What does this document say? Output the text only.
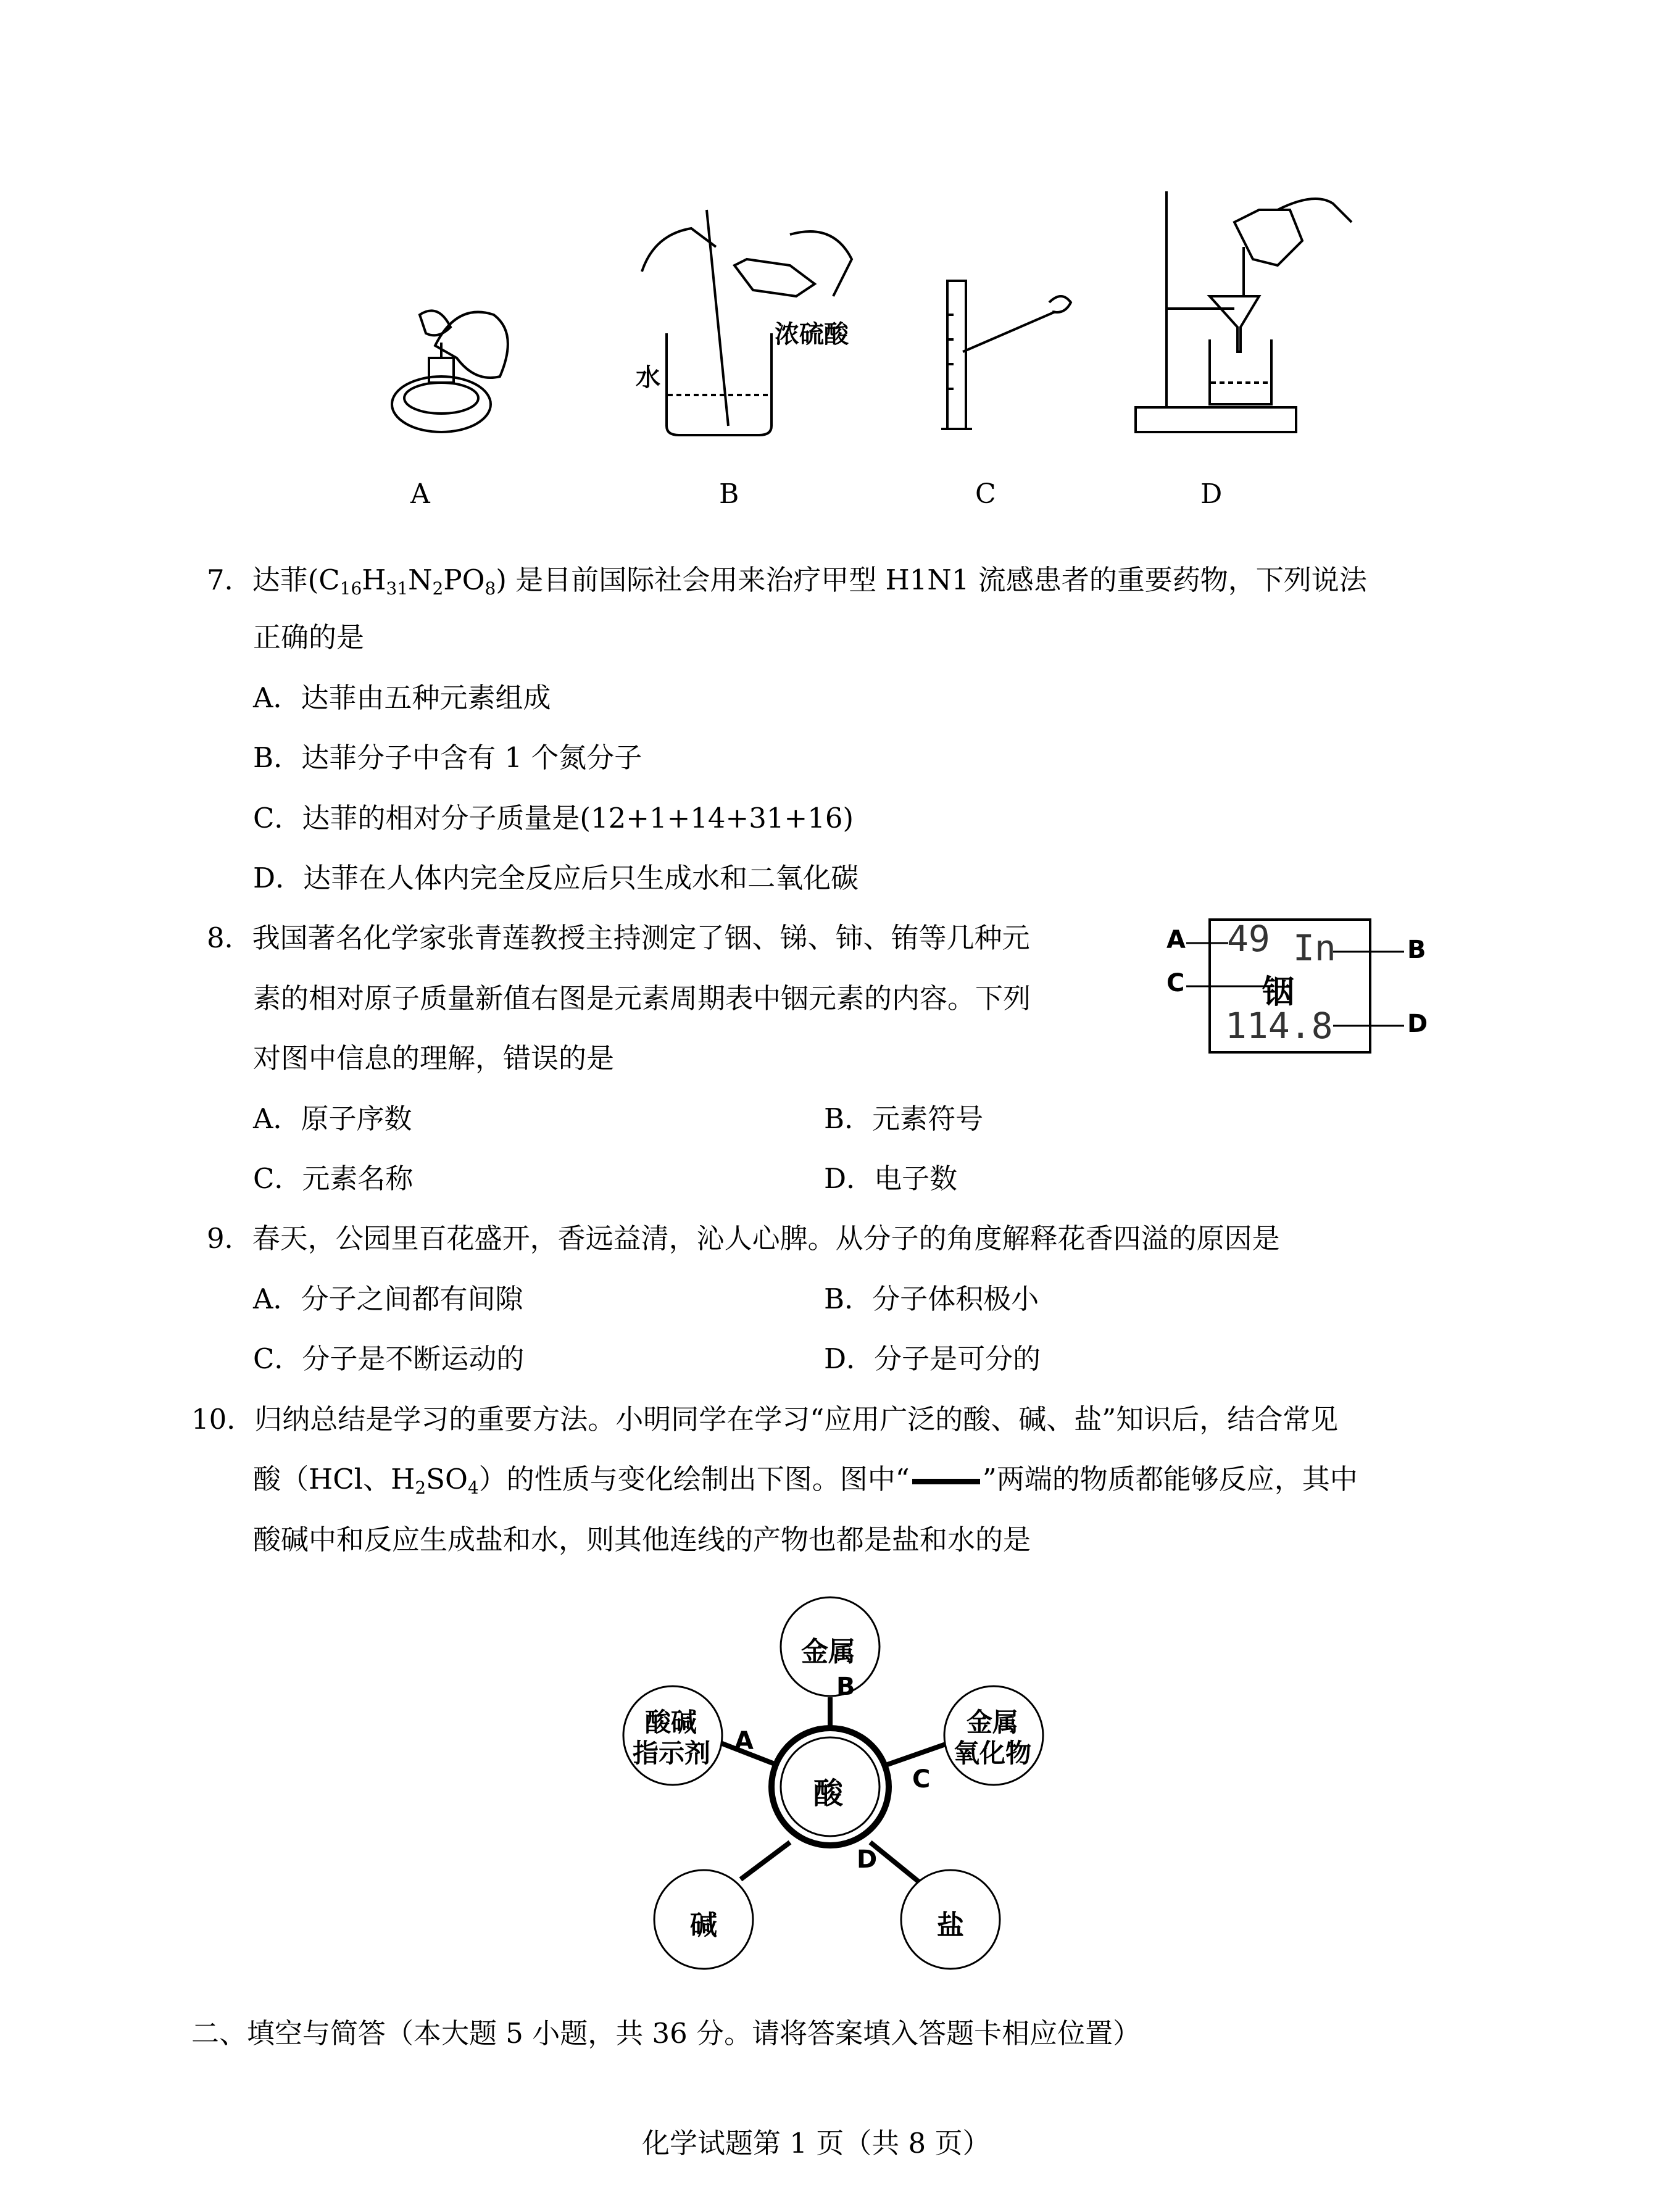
水
浓硫酸
A	B	C	D
7．达菲$(C_{16}H_{31}N_2PO_8)$ 是目前国际社会用来治疗甲型 H1N1 流感患者的重要药物，下列说法
正确的是
A．达菲由五种元素组成
B．达菲分子中含有 1 个氮分子
C．达菲的相对分子质量是(12+1+14+31+16)
D．达菲在人体内完全反应后只生成水和二氧化碳
8．我国著名化学家张青莲教授主持测定了铟、锑、铈、铕等几种元
素的相对原子质量新值右图是元素周期表中铟元素的内容。下列
对图中信息的理解，错误的是
A．原子序数	B．元素符号
C．元素名称	D．电子数
49 In
铟
114.8
A	B
C
D
9．春天，公园里百花盛开，香远益清，沁人心脾。从分子的角度解释花香四溢的原因是
A．分子之间都有间隙	B．分子体积极小
C．分子是不断运动的	D．分子是可分的
10．归纳总结是学习的重要方法。小明同学在学习“应用广泛的酸、碱、盐”知识后，结合常见
酸（HCl、$H_2SO_4$）的性质与变化绘制出下图。图中“	”两端的物质都能够反应，其中
酸碱中和反应生成盐和水，则其他连线的产物也都是盐和水的是
酸
金属
酸碱
指示剂
金属
氧化物
碱	盐
A
B
C
D
二、填空与简答（本大题 5 小题，共 36 分。请将答案填入答题卡相应位置）
化学试题第 1 页（共 8 页）
